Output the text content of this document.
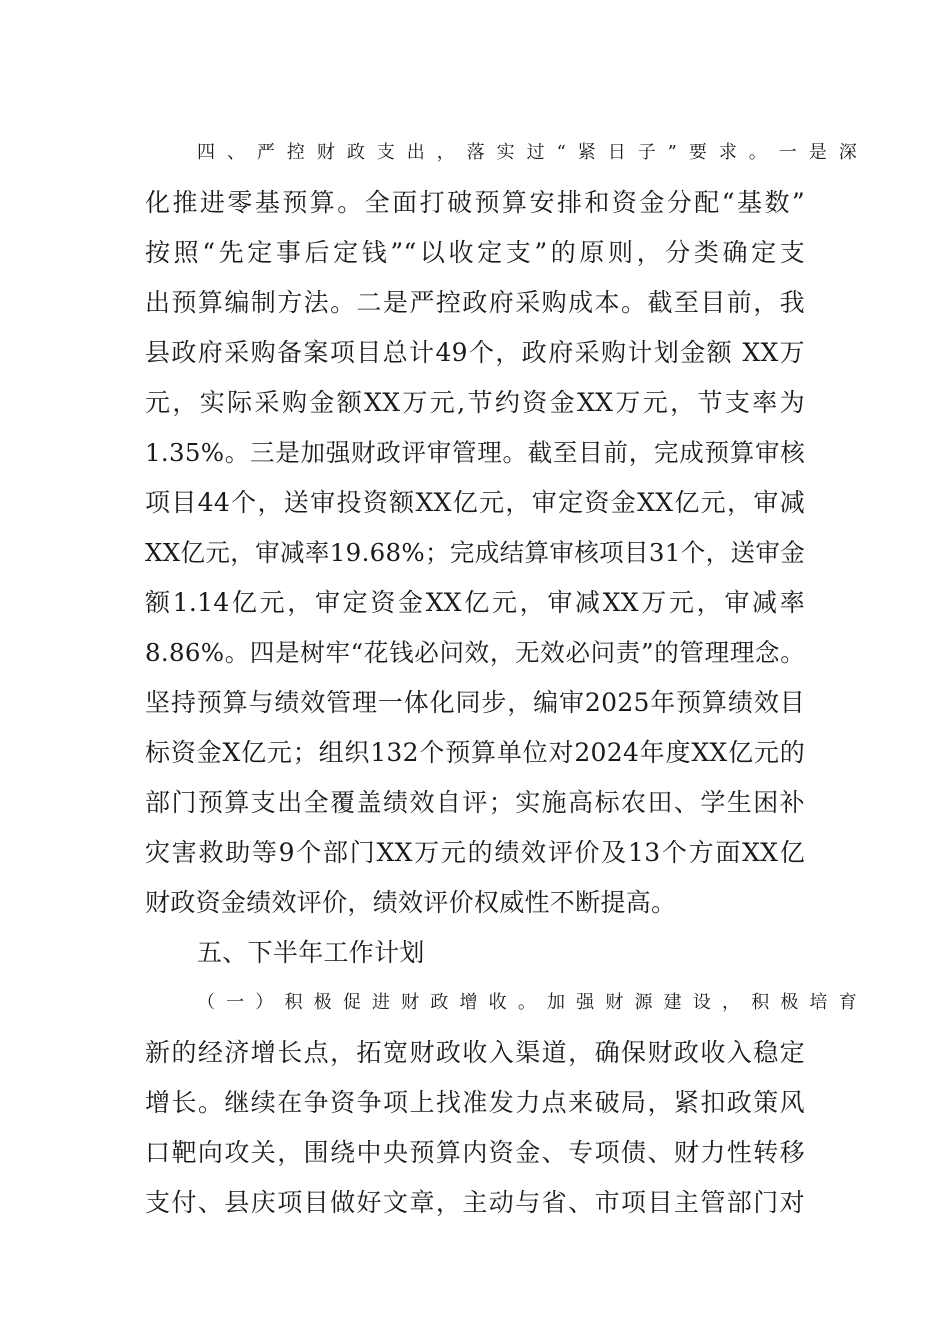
四、严控财政支出，落实过“紧日子”要求。一是深
化推进零基预算。全面打破预算安排和资金分配“基数”
按照“先定事后定钱”“以收定支”的原则，分类确定支
出预算编制方法。二是严控政府采购成本。截至目前，我
县政府采购备案项目总计49个，政府采购计划金额 XX万
元，实际采购金额XX万元,节约资金XX万元，节支率为
1.35%。三是加强财政评审管理。截至目前，完成预算审核
项目44个，送审投资额XX亿元，审定资金XX亿元，审减
XX亿元，审减率19.68%；完成结算审核项目31个，送审金
额1.14亿元，审定资金XX亿元，审减XX万元，审减率
8.86%。四是树牢“花钱必问效，无效必问责”的管理理念。
坚持预算与绩效管理一体化同步，编审2025年预算绩效目
标资金X亿元；组织132个预算单位对2024年度XX亿元的
部门预算支出全覆盖绩效自评；实施高标农田、学生困补
灾害救助等9个部门XX万元的绩效评价及13个方面XX亿
财政资金绩效评价，绩效评价权威性不断提高。
五、下半年工作计划
（一）积极促进财政增收。加强财源建设，积极培育
新的经济增长点，拓宽财政收入渠道，确保财政收入稳定
增长。继续在争资争项上找准发力点来破局，紧扣政策风
口靶向攻关，围绕中央预算内资金、专项债、财力性转移
支付、县庆项目做好文章，主动与省、市项目主管部门对
